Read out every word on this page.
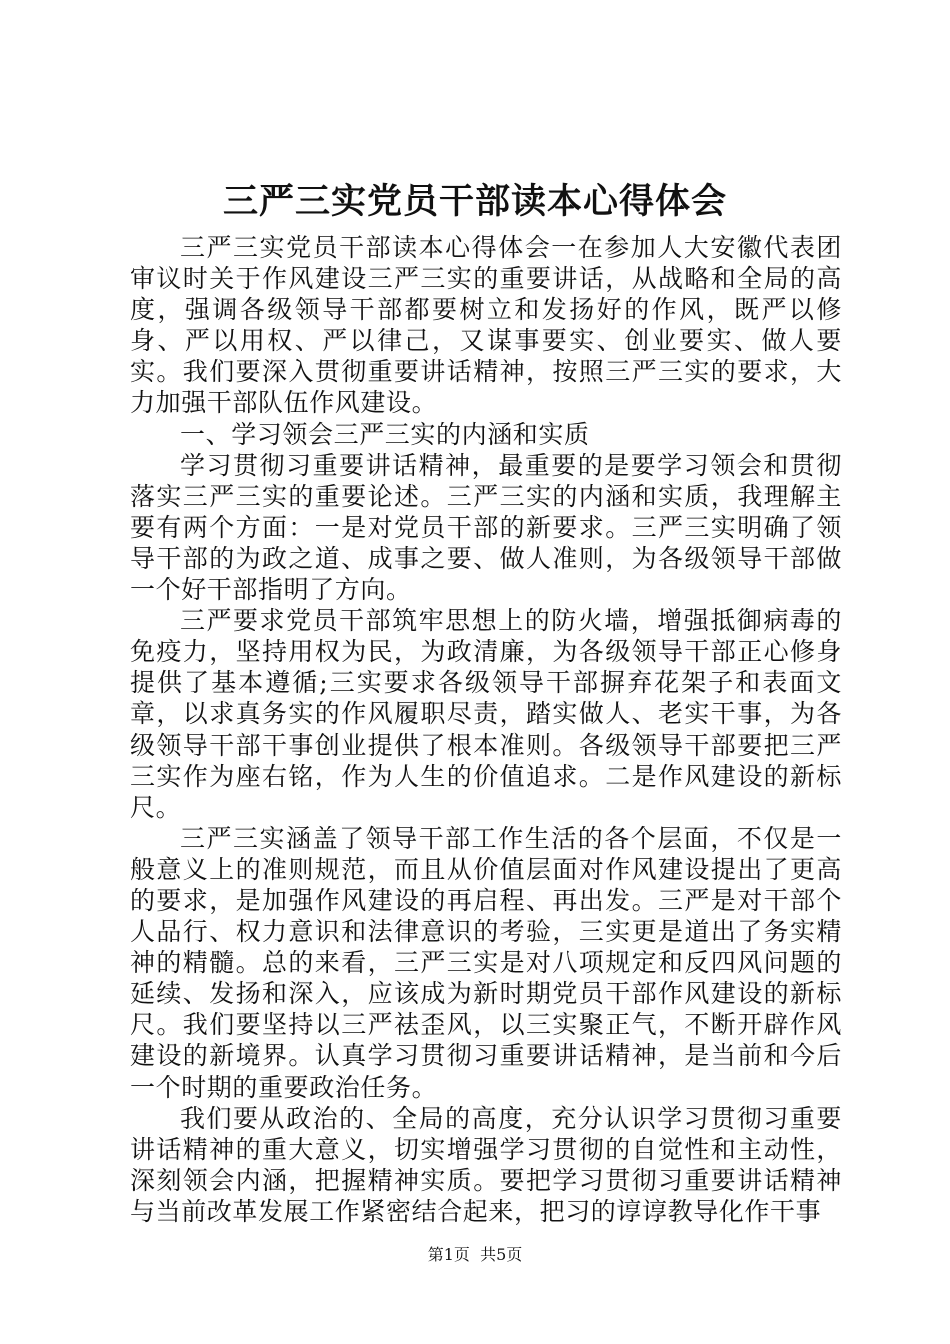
三严三实党员干部读本心得体会

三严三实党员干部读本心得体会一在参加人大安徽代表团审议时关于作风建设三严三实的重要讲话，从战略和全局的高度，强调各级领导干部都要树立和发扬好的作风，既严以修身、严以用权、严以律己，又谋事要实、创业要实、做人要实。我们要深入贯彻重要讲话精神，按照三严三实的要求，大力加强干部队伍作风建设。

一、学习领会三严三实的内涵和实质

学习贯彻习重要讲话精神，最重要的是要学习领会和贯彻落实三严三实的重要论述。三严三实的内涵和实质，我理解主要有两个方面：一是对党员干部的新要求。三严三实明确了领导干部的为政之道、成事之要、做人准则，为各级领导干部做一个好干部指明了方向。

三严要求党员干部筑牢思想上的防火墙，增强抵御病毒的免疫力，坚持用权为民，为政清廉，为各级领导干部正心修身提供了基本遵循;三实要求各级领导干部摒弃花架子和表面文章，以求真务实的作风履职尽责，踏实做人、老实干事，为各级领导干部干事创业提供了根本准则。各级领导干部要把三严三实作为座右铭，作为人生的价值追求。二是作风建设的新标尺。

三严三实涵盖了领导干部工作生活的各个层面，不仅是一般意义上的准则规范，而且从价值层面对作风建设提出了更高的要求，是加强作风建设的再启程、再出发。三严是对干部个人品行、权力意识和法律意识的考验，三实更是道出了务实精神的精髓。总的来看，三严三实是对八项规定和反四风问题的延续、发扬和深入，应该成为新时期党员干部作风建设的新标尺。我们要坚持以三严祛歪风，以三实聚正气，不断开辟作风建设的新境界。认真学习贯彻习重要讲话精神，是当前和今后一个时期的重要政治任务。

我们要从政治的、全局的高度，充分认识学习贯彻习重要讲话精神的重大意义，切实增强学习贯彻的自觉性和主动性，深刻领会内涵，把握精神实质。要把学习贯彻习重要讲话精神与当前改革发展工作紧密结合起来，把习的谆谆教导化作干事

第1页  共5页
